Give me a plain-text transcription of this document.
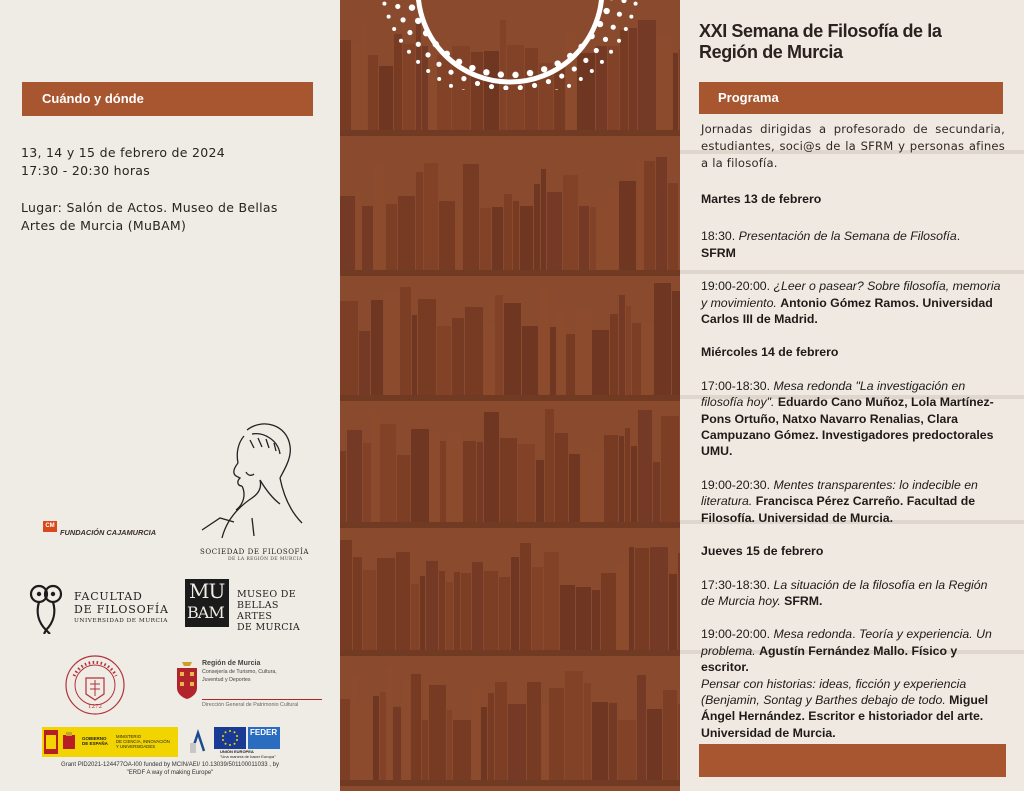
Cuándo y dónde
13, 14 y 15 de febrero de 2024
17:30 - 20:30 horas
Lugar: Salón de Actos. Museo de Bellas Artes de Murcia (MuBAM)
SOCIEDAD DE FILOSOFÍA
DE LA REGIÓN DE MURCIA
CM
FUNDACIÓN CAJAMURCIA
FACULTAD
DE FILOSOFÍA
UNIVERSIDAD DE MURCIA
MU
BAM
MUSEO DE
BELLAS ARTES
DE MURCIA
1272
Región de Murcia
Consejería de Turismo, Cultura,
Juventud y Deportes
Dirección General de Patrimonio Cultural
GOBIERNO
DE ESPAÑA
MINISTERIO
DE CIENCIA, INNOVACIÓN
Y UNIVERSIDADES
FEDER
UNIÓN EUROPEA
"Una manera de hacer Europa"
Grant PID2021-124477OA-I00 funded by MCIN/AEI/ 10.13039/501100011033 , by
"ERDF A way of making Europe"
XXI Semana de Filosofía de la
Región de Murcia
Programa
Jornadas dirigidas a profesorado de secundaria, estudiantes, soci@s de la SFRM y personas afines a la filosofía.

Martes 13 de febrero

18:30. Presentación de la Semana de Filosofía.
SFRM

19:00-20:00. ¿Leer o pasear? Sobre filosofía, memoria y movimiento. Antonio Gómez Ramos. Universidad Carlos III de Madrid.

Miércoles 14 de febrero

17:00-18:30. Mesa redonda "La investigación en filosofía hoy". Eduardo Cano Muñoz, Lola Martínez-Pons Ortuño, Natxo Navarro Renalias, Clara Campuzano Gómez. Investigadores predoctorales UMU.

19:00-20:30. Mentes transparentes: lo indecible en literatura. Francisca Pérez Carreño. Facultad de Filosofía. Universidad de Murcia.

Jueves 15 de febrero

17:30-18:30. La situación de la filosofía en la Región de Murcia hoy. SFRM.

19:00-20:00. Mesa redonda. Teoría y experiencia. Un problema. Agustín Fernández Mallo. Físico y escritor.

Pensar con historias: ideas, ficción y experiencia (Benjamin, Sontag y Barthes debajo de todo. Miguel Ángel Hernández. Escritor e historiador del arte. Universidad de Murcia.
